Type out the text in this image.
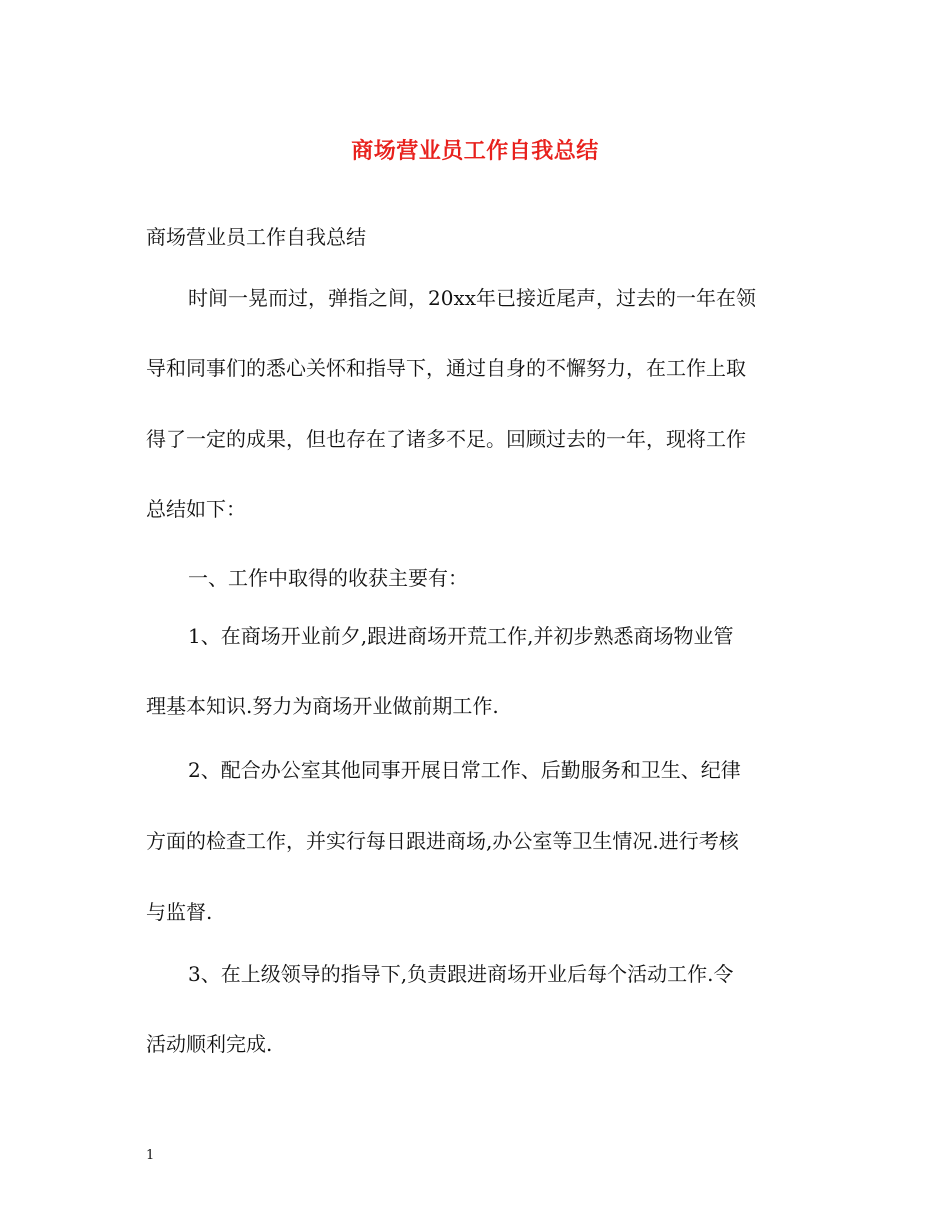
商场营业员工作自我总结
商场营业员工作自我总结
时间一晃而过，弹指之间，20xx年已接近尾声，过去的一年在领
导和同事们的悉心关怀和指导下，通过自身的不懈努力，在工作上取
得了一定的成果，但也存在了诸多不足。回顾过去的一年，现将工作
总结如下：
一、工作中取得的收获主要有：
1、在商场开业前夕,跟进商场开荒工作,并初步熟悉商场物业管
理基本知识.努力为商场开业做前期工作.
2、配合办公室其他同事开展日常工作、后勤服务和卫生、纪律
方面的检查工作，并实行每日跟进商场,办公室等卫生情况.进行考核
与监督.
3、在上级领导的指导下,负责跟进商场开业后每个活动工作.令
活动顺利完成.
1
